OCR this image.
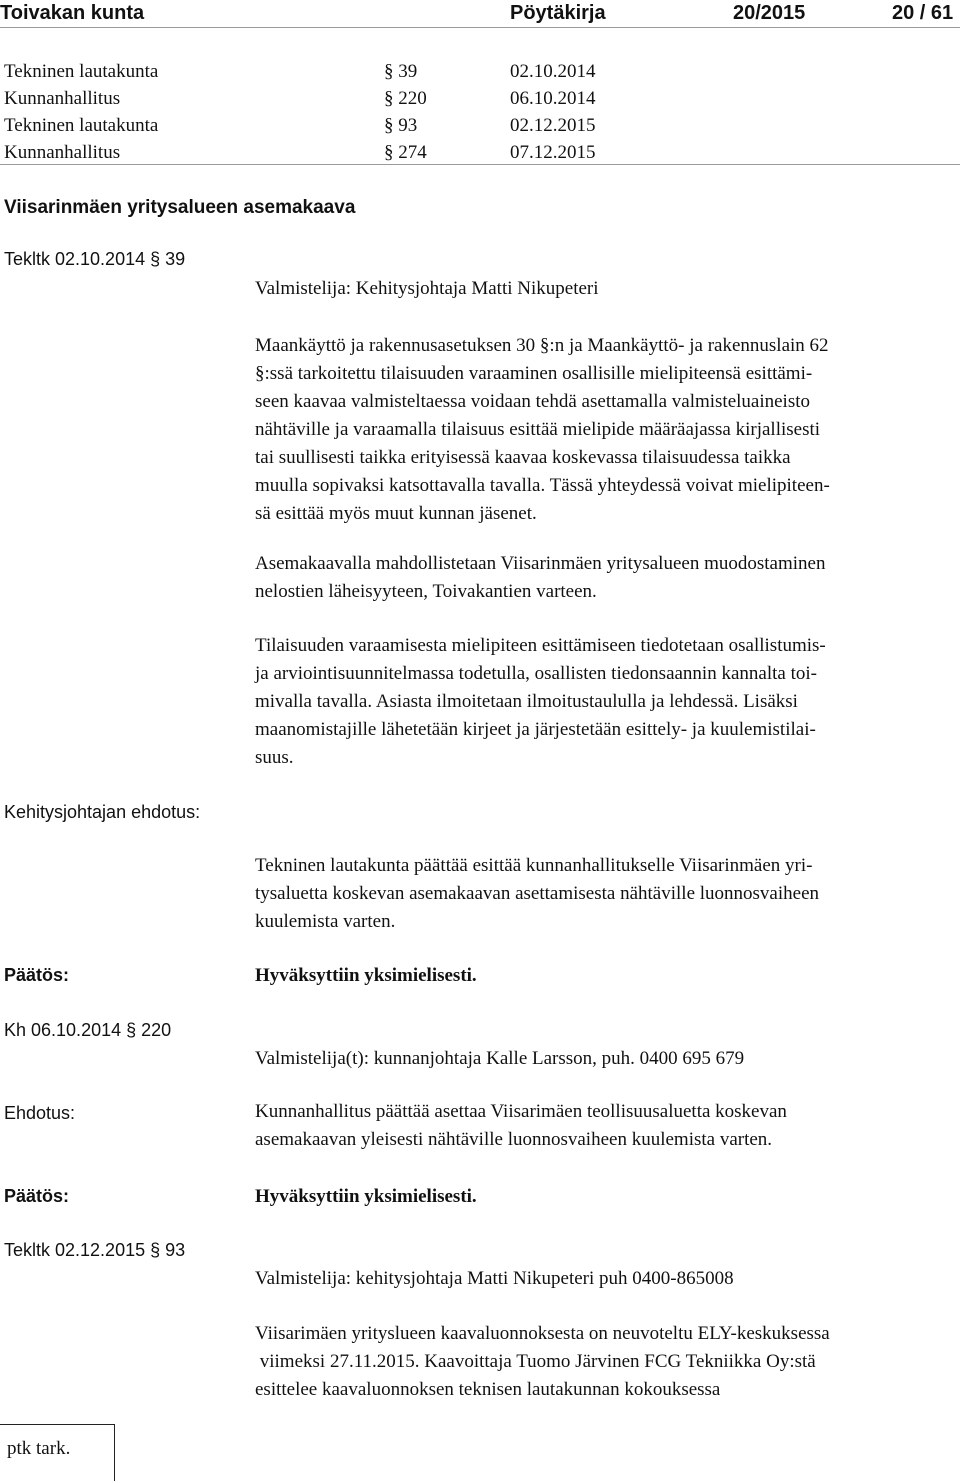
Toivakan kunta	Pöytäkirja	20/2015	20 / 61
Tekninen lautakunta	§ 39	02.10.2014
Kunnanhallitus	§ 220	06.10.2014
Tekninen lautakunta	§ 93	02.12.2015
Kunnanhallitus	§ 274	07.12.2015
Viisarinmäen yritysalueen asemakaava
Tekltk 02.10.2014 § 39
Valmistelija: Kehitysjohtaja Matti Nikupeteri
Maankäyttö ja rakennusasetuksen 30 §:n ja Maankäyttö- ja rakennuslain 62
§:ssä tarkoitettu tilaisuuden varaaminen osallisille mielipiteensä esittämi-
seen kaavaa valmisteltaessa voidaan tehdä asettamalla valmisteluaineisto
nähtäville ja varaamalla tilaisuus esittää mielipide määräajassa kirjallisesti
tai suullisesti taikka erityisessä kaavaa koskevassa tilaisuudessa taikka
muulla sopivaksi katsottavalla tavalla. Tässä yhteydessä voivat mielipiteen-
sä esittää myös muut kunnan jäsenet.
Asemakaavalla mahdollistetaan Viisarinmäen yritysalueen muodostaminen
nelostien läheisyyteen, Toivakantien varteen.
Tilaisuuden varaamisesta mielipiteen esittämiseen tiedotetaan osallistumis-
ja arviointisuunnitelmassa todetulla, osallisten tiedonsaannin kannalta toi-
mivalla tavalla. Asiasta ilmoitetaan ilmoitustaululla ja lehdessä. Lisäksi
maanomistajille lähetetään kirjeet ja järjestetään esittely- ja kuulemistilai-
suus.
Kehitysjohtajan ehdotus:
Tekninen lautakunta päättää esittää kunnanhallitukselle Viisarinmäen yri-
tysaluetta koskevan asemakaavan asettamisesta nähtäville luonnosvaiheen
kuulemista varten.
Päätös:	Hyväksyttiin yksimielisesti.
Kh 06.10.2014 § 220
Valmistelija(t): kunnanjohtaja Kalle Larsson, puh. 0400 695 679
Ehdotus:	Kunnanhallitus päättää asettaa Viisarimäen teollisuusaluetta koskevan
asemakaavan yleisesti nähtäville luonnosvaiheen kuulemista varten.
Päätös:	Hyväksyttiin yksimielisesti.
Tekltk 02.12.2015 § 93
Valmistelija: kehitysjohtaja Matti Nikupeteri puh 0400-865008
Viisarimäen yrityslueen kaavaluonnoksesta on neuvoteltu ELY-keskuksessa
viimeksi 27.11.2015. Kaavoittaja Tuomo Järvinen FCG Tekniikka Oy:stä
esittelee kaavaluonnoksen teknisen lautakunnan kokouksessa
ptk tark.
